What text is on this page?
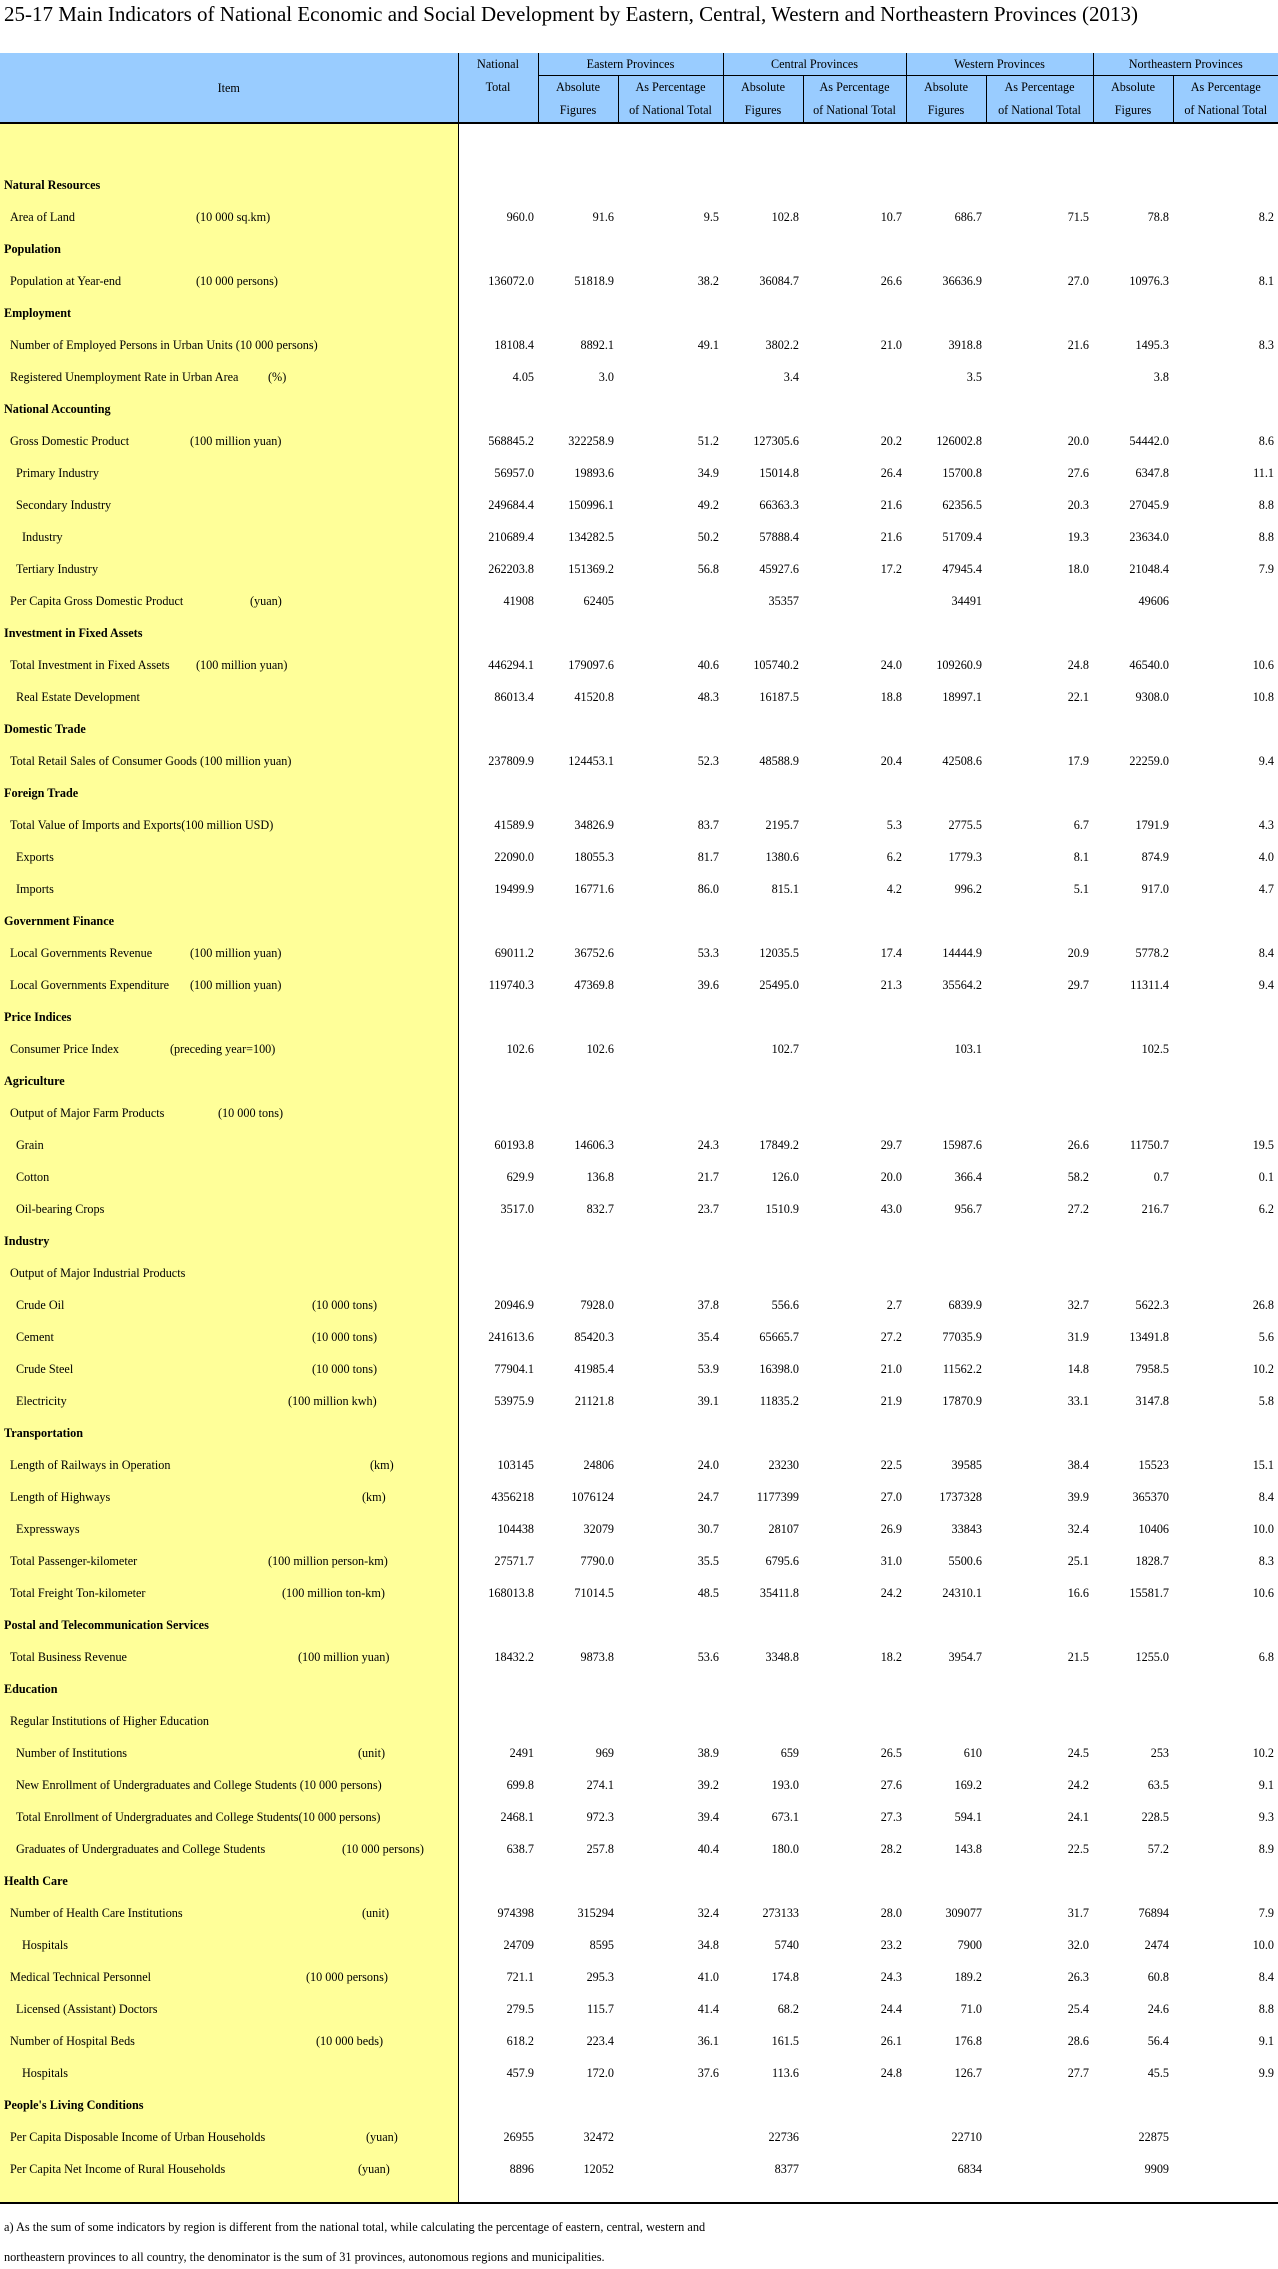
25-17 Main Indicators of National Economic and Social Development by Eastern, Central, Western and Northeastern Provinces (2013)
Item	National	Eastern Provinces		Central Provinces		Western Provinces		Northeastern Provinces	
	Total	Absolute	As Percentage	Absolute	As Percentage	Absolute	As Percentage	Absolute	As Percentage
		Figures	of National Total	Figures	of National Total	Figures	of National Total	Figures	of National Total

Natural Resources									
Area of Land (10 000 sq.km)	960.0	91.6	9.5	102.8	10.7	686.7	71.5	78.8	8.2
Population									
Population at Year-end (10 000 persons)	136072.0	51818.9	38.2	36084.7	26.6	36636.9	27.0	10976.3	8.1
Employment									
Number of Employed Persons in Urban Units (10 000 persons)	18108.4	8892.1	49.1	3802.2	21.0	3918.8	21.6	1495.3	8.3
Registered Unemployment Rate in Urban Area (%)	4.05	3.0		3.4		3.5		3.8	
National Accounting									
Gross Domestic Product (100 million yuan)	568845.2	322258.9	51.2	127305.6	20.2	126002.8	20.0	54442.0	8.6
Primary Industry	56957.0	19893.6	34.9	15014.8	26.4	15700.8	27.6	6347.8	11.1
Secondary Industry	249684.4	150996.1	49.2	66363.3	21.6	62356.5	20.3	27045.9	8.8
Industry	210689.4	134282.5	50.2	57888.4	21.6	51709.4	19.3	23634.0	8.8
Tertiary Industry	262203.8	151369.2	56.8	45927.6	17.2	47945.4	18.0	21048.4	7.9
Per Capita Gross Domestic Product (yuan)	41908	62405		35357		34491		49606	
Investment in Fixed Assets									
Total Investment in Fixed Assets (100 million yuan)	446294.1	179097.6	40.6	105740.2	24.0	109260.9	24.8	46540.0	10.6
Real Estate Development	86013.4	41520.8	48.3	16187.5	18.8	18997.1	22.1	9308.0	10.8
Domestic Trade									
Total Retail Sales of Consumer Goods (100 million yuan)	237809.9	124453.1	52.3	48588.9	20.4	42508.6	17.9	22259.0	9.4
Foreign Trade									
Total Value of Imports and Exports(100 million USD)	41589.9	34826.9	83.7	2195.7	5.3	2775.5	6.7	1791.9	4.3
Exports	22090.0	18055.3	81.7	1380.6	6.2	1779.3	8.1	874.9	4.0
Imports	19499.9	16771.6	86.0	815.1	4.2	996.2	5.1	917.0	4.7
Government Finance									
Local Governments Revenue (100 million yuan)	69011.2	36752.6	53.3	12035.5	17.4	14444.9	20.9	5778.2	8.4
Local Governments Expenditure (100 million yuan)	119740.3	47369.8	39.6	25495.0	21.3	35564.2	29.7	11311.4	9.4
Price Indices									
Consumer Price Index (preceding year=100)	102.6	102.6		102.7		103.1		102.5	
Agriculture									
Output of Major Farm Products (10 000 tons)									

Grain	60193.8	14606.3	24.3	17849.2	29.7	15987.6	26.6	11750.7	19.5
Cotton	629.9	136.8	21.7	126.0	20.0	366.4	58.2	0.7	0.1
Oil-bearing Crops	3517.0	832.7	23.7	1510.9	43.0	956.7	27.2	216.7	6.2
Industry									
Output of Major Industrial Products									
Crude Oil (10 000 tons)	20946.9	7928.0	37.8	556.6	2.7	6839.9	32.7	5622.3	26.8
Cement (10 000 tons)	241613.6	85420.3	35.4	65665.7	27.2	77035.9	31.9	13491.8	5.6
Crude Steel (10 000 tons)	77904.1	41985.4	53.9	16398.0	21.0	11562.2	14.8	7958.5	10.2
Electricity (100 million kwh)	53975.9	21121.8	39.1	11835.2	21.9	17870.9	33.1	3147.8	5.8
Transportation									
Length of Railways in Operation (km)	103145	24806	24.0	23230	22.5	39585	38.4	15523	15.1
Length of Highways (km)	4356218	1076124	24.7	1177399	27.0	1737328	39.9	365370	8.4
Expressways	104438	32079	30.7	28107	26.9	33843	32.4	10406	10.0
Total Passenger-kilometer (100 million person-km)	27571.7	7790.0	35.5	6795.6	31.0	5500.6	25.1	1828.7	8.3
Total Freight Ton-kilometer (100 million ton-km)	168013.8	71014.5	48.5	35411.8	24.2	24310.1	16.6	15581.7	10.6
Postal and Telecommunication Services									
Total Business Revenue (100 million yuan)	18432.2	9873.8	53.6	3348.8	18.2	3954.7	21.5	1255.0	6.8
Education									
Regular Institutions of Higher Education									
Number of Institutions (unit)	2491	969	38.9	659	26.5	610	24.5	253	10.2
New Enrollment of Undergraduates and College Students (10 000 persons)	699.8	274.1	39.2	193.0	27.6	169.2	24.2	63.5	9.1
Total Enrollment of Undergraduates and College Students(10 000 persons)	2468.1	972.3	39.4	673.1	27.3	594.1	24.1	228.5	9.3
Graduates of Undergraduates and College Students (10 000 persons)	638.7	257.8	40.4	180.0	28.2	143.8	22.5	57.2	8.9
Health Care									
Number of Health Care Institutions (unit)	974398	315294	32.4	273133	28.0	309077	31.7	76894	7.9
Hospitals	24709	8595	34.8	5740	23.2	7900	32.0	2474	10.0
Medical Technical Personnel (10 000 persons)	721.1	295.3	41.0	174.8	24.3	189.2	26.3	60.8	8.4
Licensed (Assistant) Doctors	279.5	115.7	41.4	68.2	24.4	71.0	25.4	24.6	8.8
Number of Hospital Beds (10 000 beds)	618.2	223.4	36.1	161.5	26.1	176.8	28.6	56.4	9.1
Hospitals	457.9	172.0	37.6	113.6	24.8	126.7	27.7	45.5	9.9
People's Living Conditions									
Per Capita Disposable Income of Urban Households (yuan)	26955	32472		22736		22710		22875	
Per Capita Net Income of Rural Households (yuan)	8896	12052		8377		6834		9909	

a) As the sum of some indicators by region is different from the national total, while calculating the percentage of eastern, central, western and
northeastern provinces to all country, the denominator is the sum of 31 provinces, autonomous regions and municipalities.
